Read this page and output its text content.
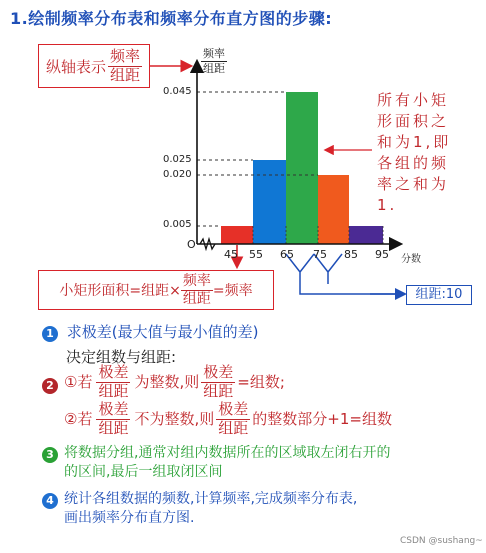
1.绘制频率分布表和频率分布直方图的步骤:
纵轴表示 $\frac{\text{频率}}{\text{组距}}$	频率
组距
0.045
0.025
0.020
0.005
O
45 55 65 75 85 95 分数
所有小矩
形面积之
和为1,即
各组的频
率之和为
1.
小矩形面积=组距× $\frac{\text{频率}}{\text{组距}}$ =频率	组距:10
1 求极差(最大值与最小值的差)
决定组数与组距:
2 ①若 $\frac{\text{极差}}{\text{组距}}$ 为整数,则 $\frac{\text{极差}}{\text{组距}}$ =组数;
②若 $\frac{\text{极差}}{\text{组距}}$ 不为整数,则 $\frac{\text{极差}}{\text{组距}}$ 的整数部分+1=组数
3 将数据分组,通常对组内数据所在的区域取左闭右开的
的区间,最后一组取闭区间
4 统计各组数据的频数,计算频率,完成频率分布表,
画出频率分布直方图.
CSDN @sushang~
